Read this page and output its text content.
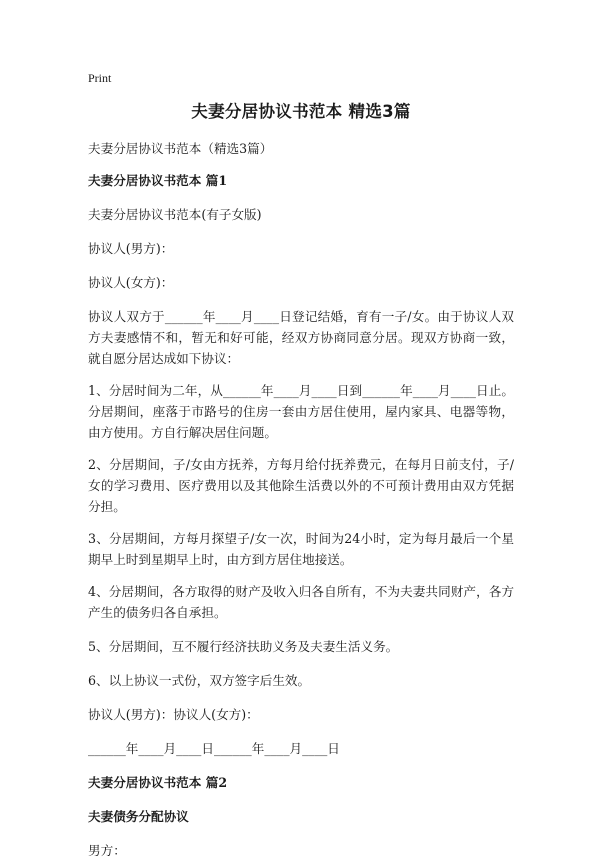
Print

夫妻分居协议书范本 精选3篇

夫妻分居协议书范本（精选3篇）

夫妻分居协议书范本 篇1

夫妻分居协议书范本(有子女版)

协议人(男方)：

协议人(女方)：

协议人双方于______年____月____日登记结婚，育有一子/女。由于协议人双方夫妻感情不和，暂无和好可能，经双方协商同意分居。现双方协商一致，就自愿分居达成如下协议：

1、分居时间为二年，从______年____月____日到______年____月____日止。分居期间，座落于市路号的住房一套由方居住使用，屋内家具、电器等物，由方使用。方自行解决居住问题。

2、分居期间，子/女由方抚养，方每月给付抚养费元，在每月日前支付，子/女的学习费用、医疗费用以及其他除生活费以外的不可预计费用由双方凭据分担。

3、分居期间，方每月探望子/女一次，时间为24小时，定为每月最后一个星期早上时到星期早上时，由方到方居住地接送。

4、分居期间，各方取得的财产及收入归各自所有，不为夫妻共同财产，各方产生的债务归各自承担。

5、分居期间，互不履行经济扶助义务及夫妻生活义务。

6、以上协议一式份，双方签字后生效。

协议人(男方)：协议人(女方)：

______年____月____日______年____月____日

夫妻分居协议书范本 篇2

夫妻债务分配协议

男方：
